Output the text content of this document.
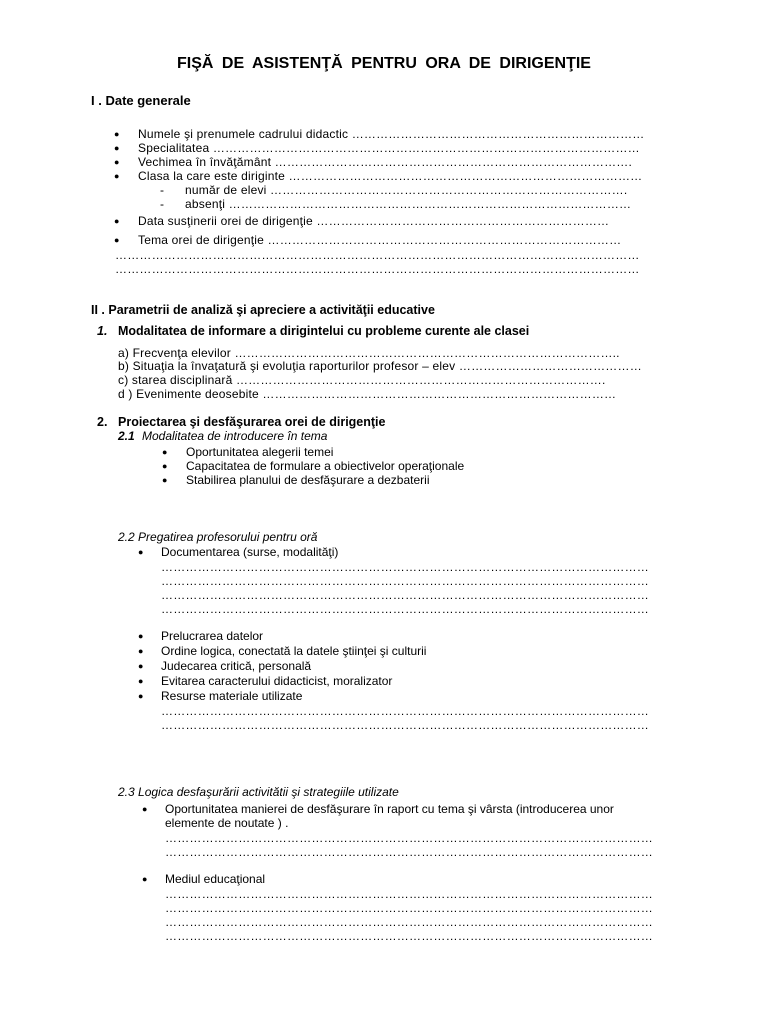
FIŞĂ DE ASISTENŢĂ PENTRU ORA DE DIRIGENŢIE
I . Date generale
● Numele şi prenumele cadrului didactic ………………………………………………………………
● Specialitatea ……………………………………………………………………………………………
● Vechimea în învăţământ …………………………………………………………………………….
● Clasa la care este diriginte ……………………………………………………………………………
- număr de elevi …………………………………………………………………………….
- absenţi ………………………………………………………………………………………
● Data susţinerii orei de dirigenţie ………………………………………………………………
● Tema orei de dirigenţie ……………………………………………………………………………
…………………………………………………………………………………………………………………
…………………………………………………………………………………………………………………
II . Parametrii de analiză şi apreciere a activităţii educative
1. Modalitatea de informare a dirigintelui cu probleme curente ale clasei
a) Frecvenţa elevilor …………………………………………………………………………………..
b) Situaţia la învaţatură şi evoluţia raporturilor profesor – elev ………………………………………
c) starea disciplinară ……………………………………………………………………………….
d ) Evenimente deosebite ……………………………………………………………………………
2. Proiectarea şi desfăşurarea orei de dirigenţie
2.1 Modalitatea de introducere în tema
● Oportunitatea alegerii temei
● Capacitatea de formulare a obiectivelor operaţionale
● Stabilirea planului de desfăşurare a dezbaterii
2.2 Pregatirea profesorului pentru oră
● Documentarea (surse, modalităţi)
…………………………………………………………………………………………………………
…………………………………………………………………………………………………………
…………………………………………………………………………………………………………
…………………………………………………………………………………………………………
● Prelucrarea datelor
● Ordine logica, conectată la datele ştiinţei şi culturii
● Judecarea critică, personală
● Evitarea caracterului didacticist, moralizator
● Resurse materiale utilizate
…………………………………………………………………………………………………………
…………………………………………………………………………………………………………
2.3 Logica desfaşurării activitătii şi strategiile utilizate
● Oportunitatea manierei de desfăşurare în raport cu tema şi vârsta (introducerea unor
elemente de noutate ) .
…………………………………………………………………………………………………………
…………………………………………………………………………………………………………
● Mediul educaţional
…………………………………………………………………………………………………………
…………………………………………………………………………………………………………
…………………………………………………………………………………………………………
…………………………………………………………………………………………………………
